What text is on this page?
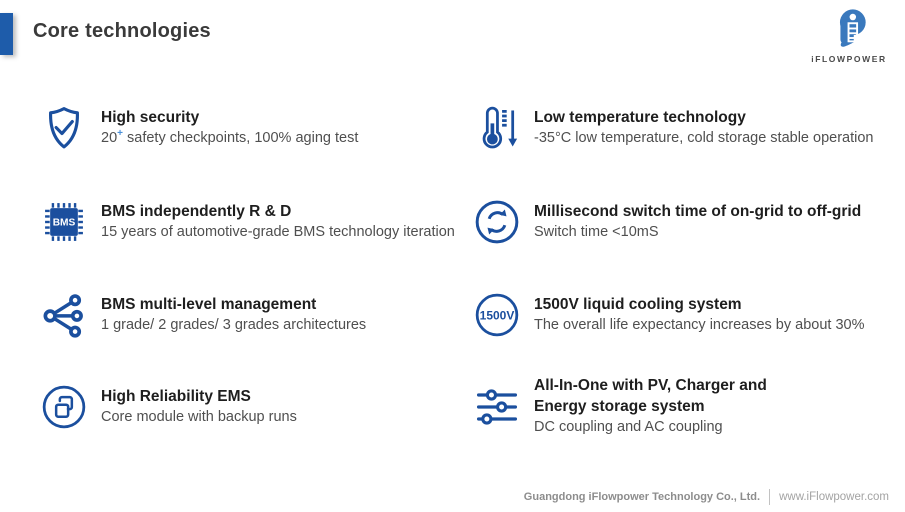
Core technologies
iFLOWPOWER
High security
20+ safety checkpoints, 100% aging test
BMS
BMS independently R & D
15 years of automotive-grade BMS technology iteration
BMS multi-level management
1 grade/ 2 grades/ 3 grades architectures
High Reliability EMS
Core module with backup runs
Low temperature technology
-35°C low temperature, cold storage stable operation
Millisecond switch time of on-grid to off-grid
Switch time <10mS
1500V
1500V liquid cooling system
The overall life expectancy increases by about 30%
All-In-One with PV, Charger and
Energy storage system
DC coupling and AC coupling
Guangdong iFlowpower Technology Co., Ltd. www.iFlowpower.com
